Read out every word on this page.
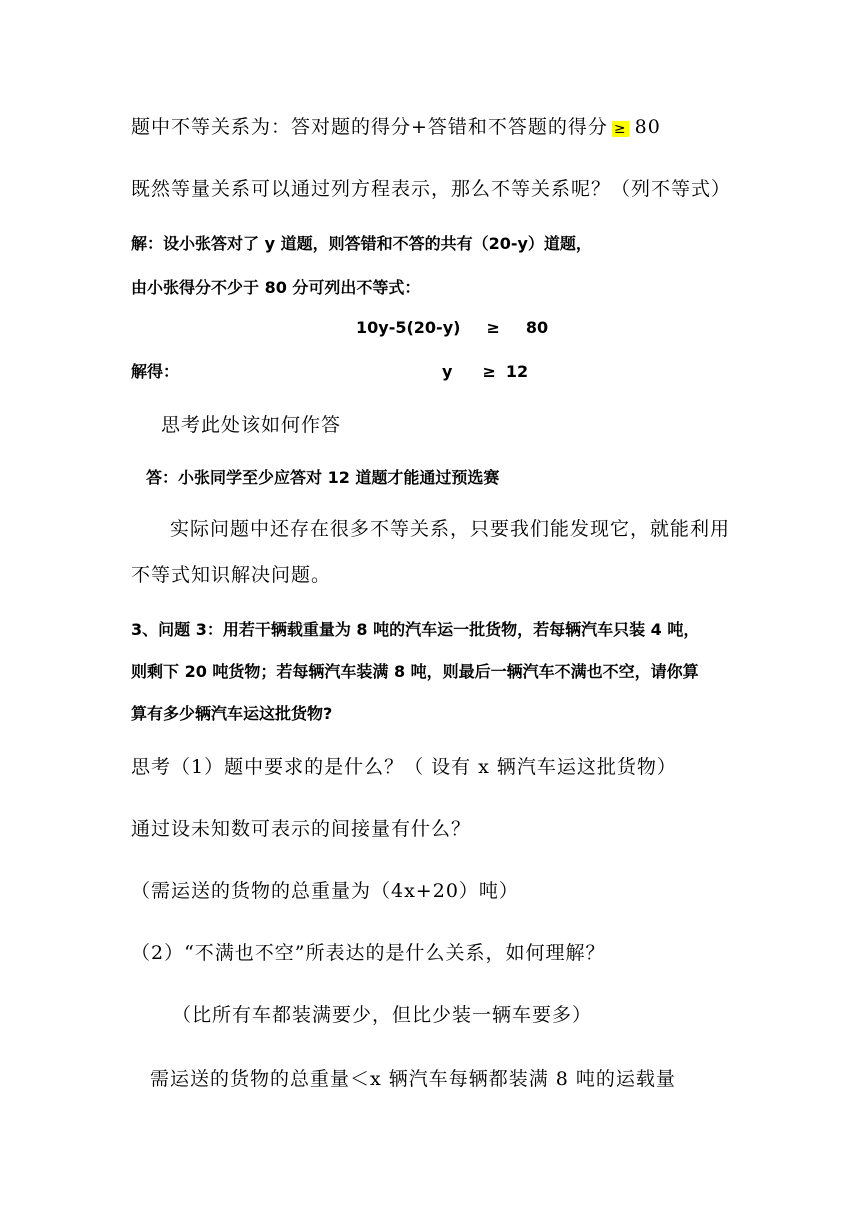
题中不等关系为：答对题的得分+答错和不答题的得分 ≥ 80
既然等量关系可以通过列方程表示，那么不等关系呢？（列不等式）
解：设小张答对了 y 道题，则答错和不答的共有（20-y）道题，
由小张得分不少于 80 分可列出不等式：
10y-5(20-y) ≥ 80
解得：	y ≥ 12
思考此处该如何作答
答：小张同学至少应答对 12 道题才能通过预选赛
实际问题中还存在很多不等关系，只要我们能发现它，就能利用
不等式知识解决问题。
3、问题 3：用若干辆载重量为 8 吨的汽车运一批货物，若每辆汽车只装 4 吨，
则剩下 20 吨货物；若每辆汽车装满 8 吨，则最后一辆汽车不满也不空，请你算
算有多少辆汽车运这批货物?
思考（1）题中要求的是什么？（ 设有 x 辆汽车运这批货物）
通过设未知数可表示的间接量有什么？
（需运送的货物的总重量为（4x+20）吨）
（2）“不满也不空”所表达的是什么关系，如何理解？
（比所有车都装满要少，但比少装一辆车要多）
需运送的货物的总重量＜x 辆汽车每辆都装满 8 吨的运载量
